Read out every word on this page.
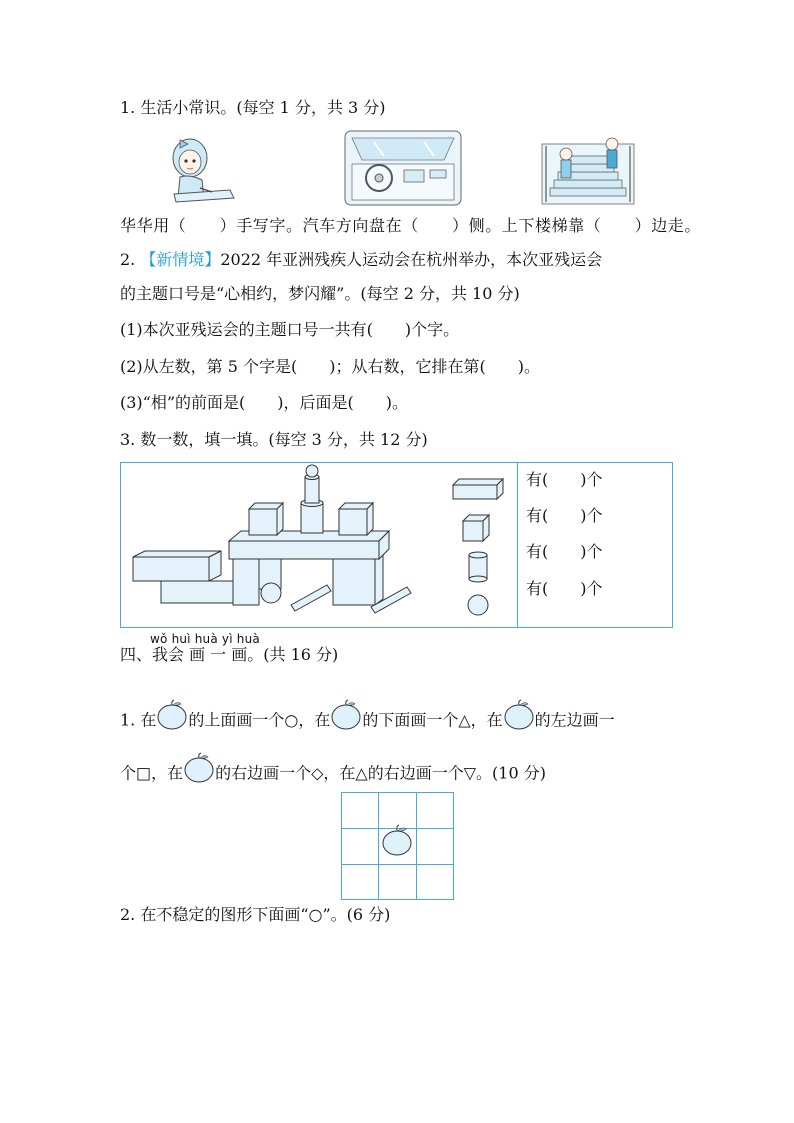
1. 生活小常识。(每空 1 分，共 3 分)
华华用（　　）手写字。汽车方向盘在（　　）侧。上下楼梯靠（　　）边走。
2. 【新情境】2022 年亚洲残疾人运动会在杭州举办，本次亚残运会
的主题口号是“心相约，梦闪耀”。(每空 2 分，共 10 分)
(1)本次亚残运会的主题口号一共有(　　)个字。
(2)从左数，第 5 个字是(　　)；从右数，它排在第(　　)。
(3)“相”的前面是(　　)，后面是(　　)。
3. 数一数，填一填。(每空 3 分，共 12 分)
有(　　)个
有(　　)个
有(　　)个
有(　　)个
wǒ huì huà yì huà
四、我会 画 一 画。(共 16 分)
1. 在 的上面画一个○，在 的下面画一个△，在 的左边画一
个□，在 的右边画一个◇，在△的右边画一个▽。(10 分)
2. 在不稳定的图形下面画“○”。(6 分)
